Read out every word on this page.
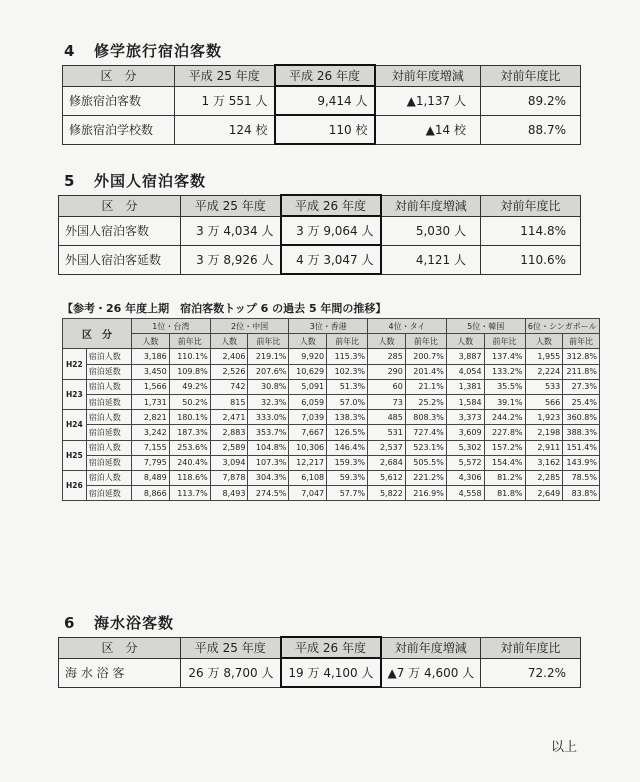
4 修学旅行宿泊客数
区　分	平成 25 年度	平成 26 年度	対前年度増減	対前年度比
修旅宿泊客数	1 万 551 人	9,414 人	▲1,137 人	89.2%
修旅宿泊学校数	124 校	110 校	▲14 校	88.7%
5 外国人宿泊客数
区　分	平成 25 年度	平成 26 年度	対前年度増減	対前年度比
外国人宿泊客数	3 万 4,034 人	3 万 9,064 人	5,030 人	114.8%
外国人宿泊客延数	3 万 8,926 人	4 万 3,047 人	4,121 人	110.6%
【参考・26 年度上期　宿泊客数トップ 6 の過去 5 年間の推移】
区　分		1位・台湾		2位・中国		3位・香港		4位・タイ		5位・韓国		6位・シンガポール	
		人数	前年比	人数	前年比	人数	前年比	人数	前年比	人数	前年比	人数	前年比
H22	宿泊人数	3,186	110.1%	2,406	219.1%	9,920	115.3%	285	200.7%	3,887	137.4%	1,955	312.8%
	宿泊延数	3,450	109.8%	2,526	207.6%	10,629	102.3%	290	201.4%	4,054	133.2%	2,224	211.8%
H23	宿泊人数	1,566	49.2%	742	30.8%	5,091	51.3%	60	21.1%	1,381	35.5%	533	27.3%
	宿泊延数	1,731	50.2%	815	32.3%	6,059	57.0%	73	25.2%	1,584	39.1%	566	25.4%
H24	宿泊人数	2,821	180.1%	2,471	333.0%	7,039	138.3%	485	808.3%	3,373	244.2%	1,923	360.8%
	宿泊延数	3,242	187.3%	2,883	353.7%	7,667	126.5%	531	727.4%	3,609	227.8%	2,198	388.3%
H25	宿泊人数	7,155	253.6%	2,589	104.8%	10,306	146.4%	2,537	523.1%	5,302	157.2%	2,911	151.4%
	宿泊延数	7,795	240.4%	3,094	107.3%	12,217	159.3%	2,684	505.5%	5,572	154.4%	3,162	143.9%
H26	宿泊人数	8,489	118.6%	7,878	304.3%	6,108	59.3%	5,612	221.2%	4,306	81.2%	2,285	78.5%
	宿泊延数	8,866	113.7%	8,493	274.5%	7,047	57.7%	5,822	216.9%	4,558	81.8%	2,649	83.8%
6 海水浴客数
区　分	平成 25 年度	平成 26 年度	対前年度増減	対前年度比
海 水 浴 客	26 万 8,700 人	19 万 4,100 人	▲7 万 4,600 人	72.2%
以上
